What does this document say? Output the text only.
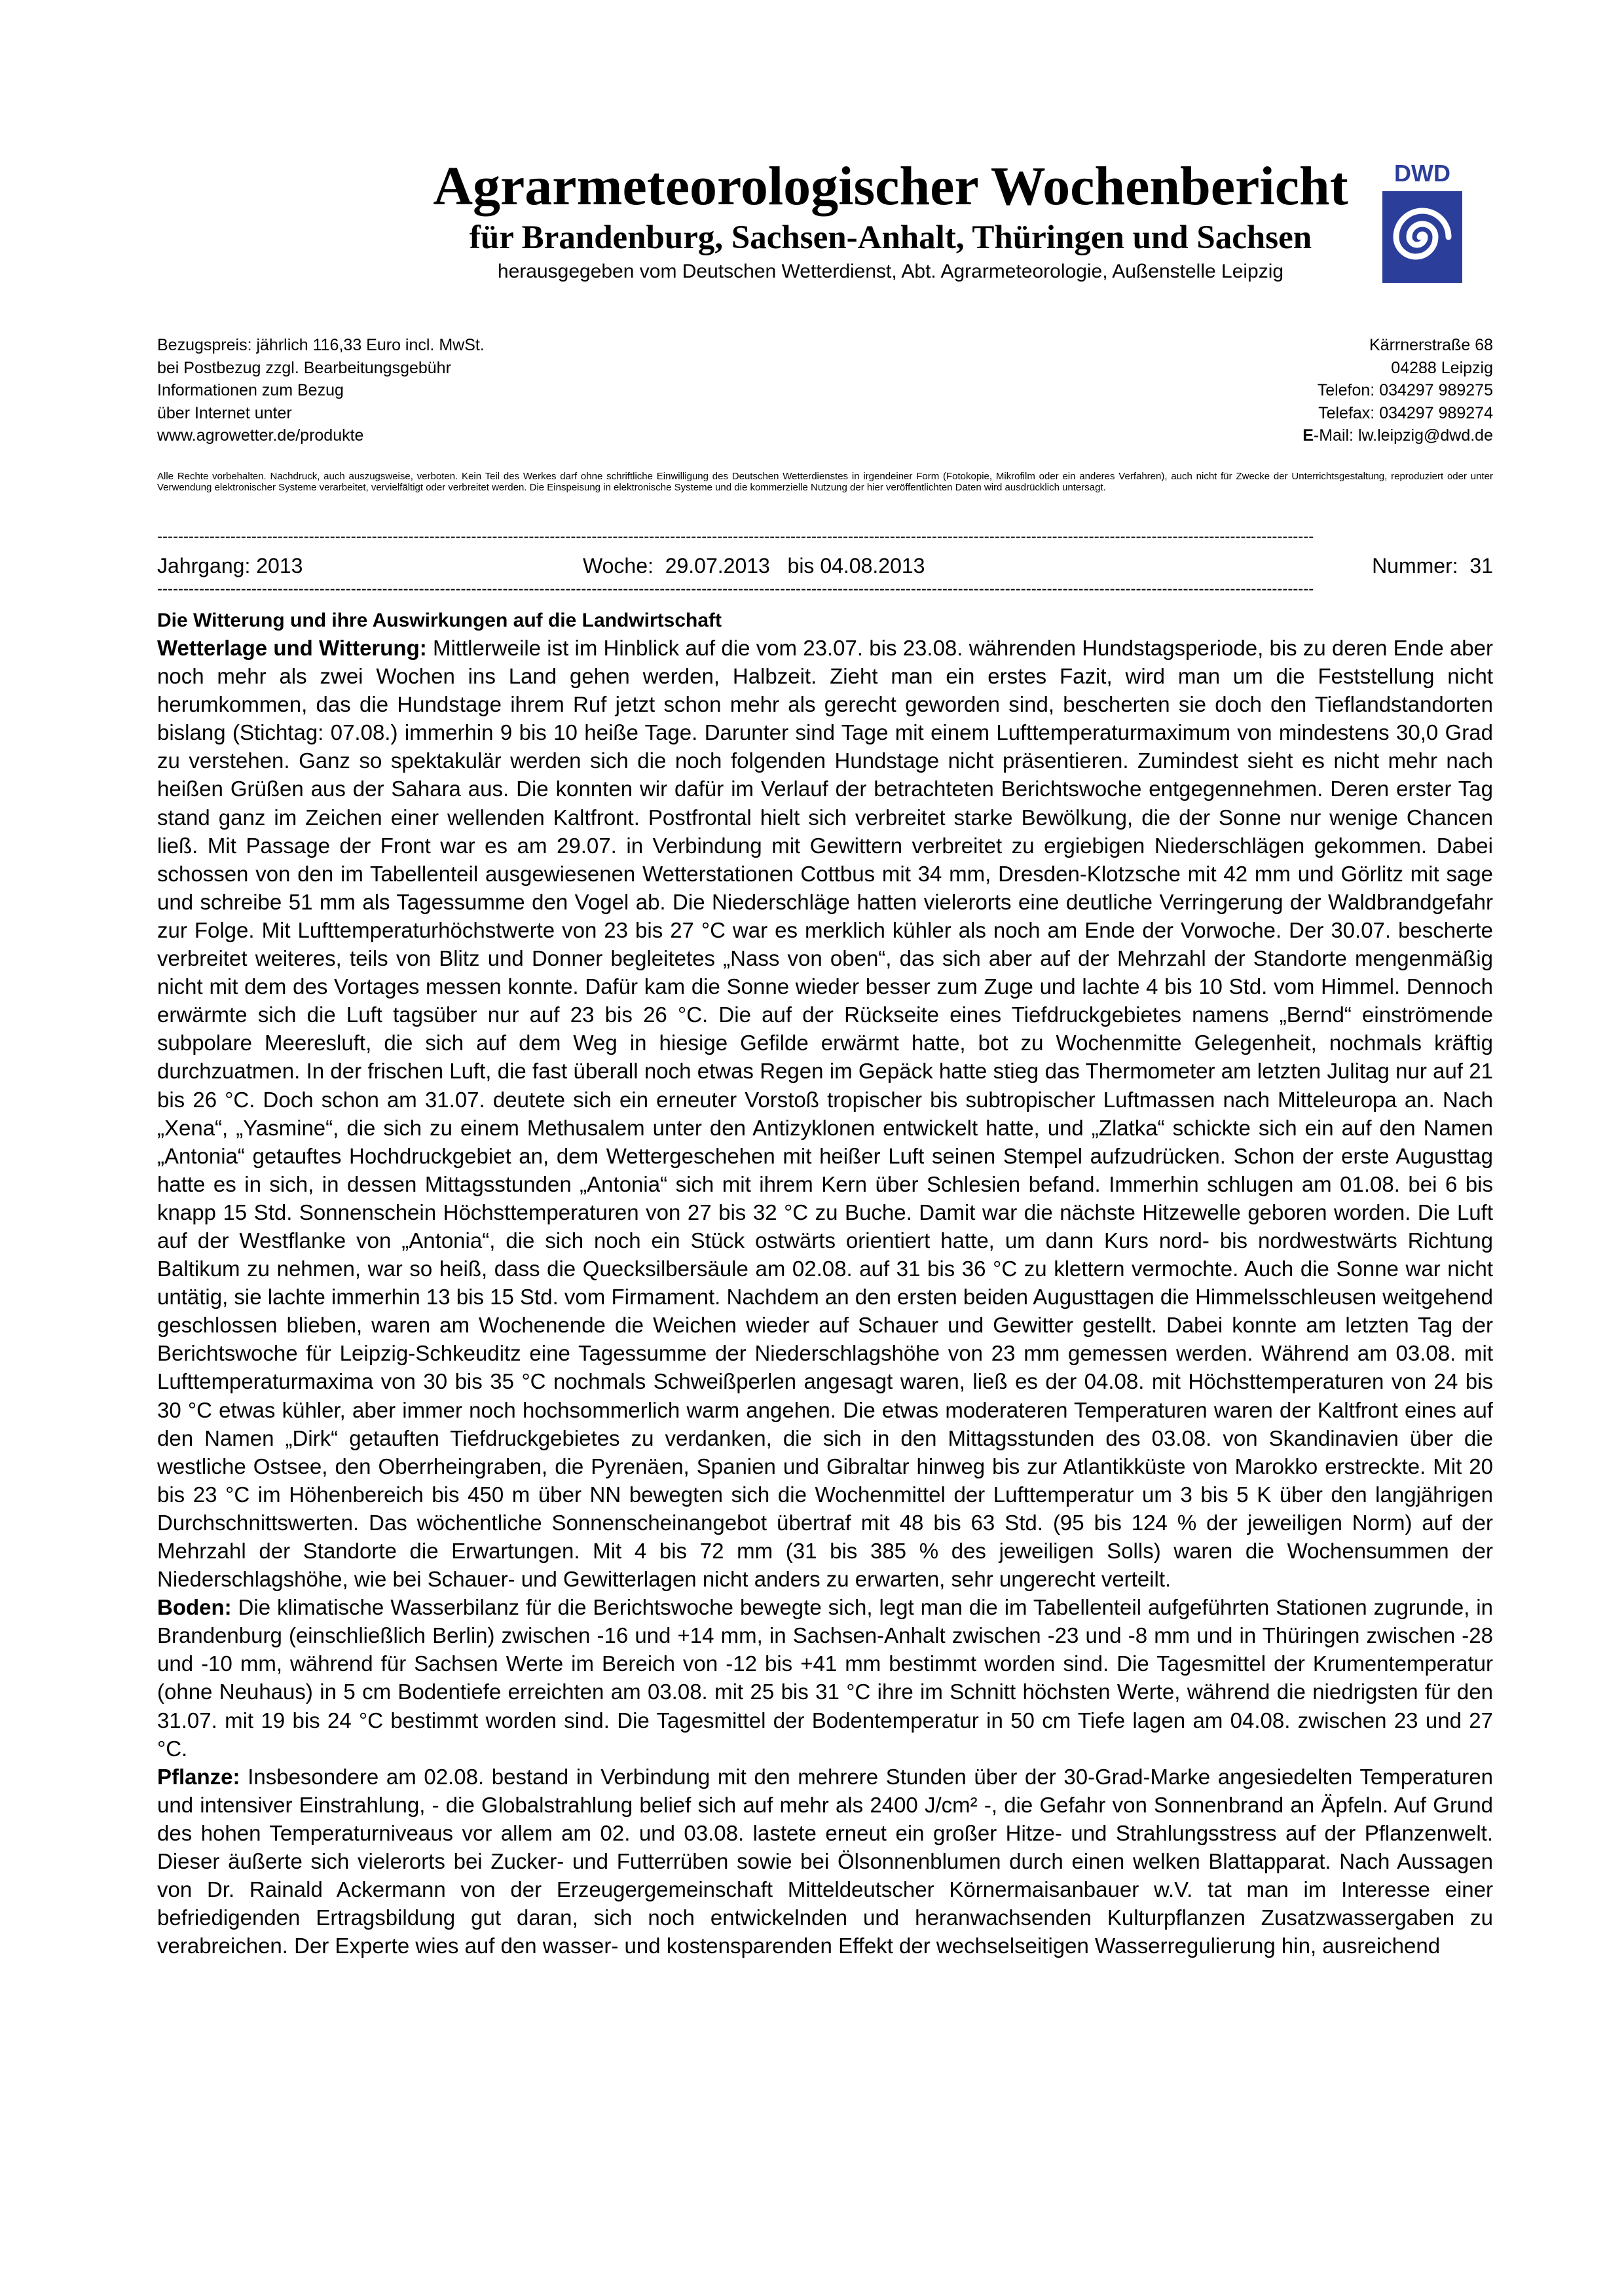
Agrarmeteorologischer Wochenbericht
für Brandenburg, Sachsen-Anhalt, Thüringen und Sachsen
herausgegeben vom Deutschen Wetterdienst, Abt. Agrarmeteorologie, Außenstelle Leipzig
DWD
Bezugspreis: jährlich 116,33 Euro incl. MwSt.
bei Postbezug zzgl. Bearbeitungsgebühr
Informationen zum Bezug
über Internet unter
www.agrowetter.de/produkte
Kärrnerstraße 68
04288 Leipzig
Telefon: 034297 989275
Telefax: 034297 989274
E-Mail: lw.leipzig@dwd.de
Alle Rechte vorbehalten. Nachdruck, auch auszugsweise, verboten. Kein Teil des Werkes darf ohne schriftliche Einwilligung des Deutschen Wetterdienstes in irgendeiner Form (Fotokopie, Mikrofilm oder ein anderes Verfahren), auch nicht für Zwecke der Unterrichtsgestaltung, reproduziert oder unter Verwendung elektronischer Systeme verarbeitet, vervielfältigt oder verbreitet werden. Die Einspeisung in elektronische Systeme und die kommerzielle Nutzung der hier veröffentlichten Daten wird ausdrücklich untersagt.
-----------------------------------------------------------------------------------------------------------------------------------------------------------------------------------------------------------------------------
Jahrgang: 2013	Woche:  29.07.2013   bis 04.08.2013	Nummer:  31
-----------------------------------------------------------------------------------------------------------------------------------------------------------------------------------------------------------------------------
Die Witterung und ihre Auswirkungen auf die Landwirtschaft

Wetterlage und Witterung: Mittlerweile ist im Hinblick auf die vom 23.07. bis 23.08. währenden Hundstagsperiode, bis zu deren Ende aber noch mehr als zwei Wochen ins Land gehen werden, Halbzeit. Zieht man ein erstes Fazit, wird man um die Feststellung nicht herumkommen, das die Hundstage ihrem Ruf jetzt schon mehr als gerecht geworden sind, bescherten sie doch den Tieflandstandorten bislang (Stichtag: 07.08.) immerhin 9 bis 10 heiße Tage. Darunter sind Tage mit einem Lufttemperaturmaximum von mindestens 30,0 Grad zu verstehen. Ganz so spektakulär werden sich die noch folgenden Hundstage nicht präsentieren. Zumindest sieht es nicht mehr nach heißen Grüßen aus der Sahara aus. Die konnten wir dafür im Verlauf der betrachteten Berichtswoche entgegennehmen. Deren erster Tag stand ganz im Zeichen einer wellenden Kaltfront. Postfrontal hielt sich verbreitet starke Bewölkung, die der Sonne nur wenige Chancen ließ. Mit Passage der Front war es am 29.07. in Verbindung mit Gewittern verbreitet zu ergiebigen Niederschlägen gekommen. Dabei schossen von den im Tabellenteil ausgewiesenen Wetterstationen Cottbus mit 34 mm, Dresden-Klotzsche mit 42 mm und Görlitz mit sage und schreibe 51 mm als Tagessumme den Vogel ab. Die Niederschläge hatten vielerorts eine deutliche Verringerung der Waldbrandgefahr zur Folge. Mit Lufttemperaturhöchstwerte von 23 bis 27 °C war es merklich kühler als noch am Ende der Vorwoche. Der 30.07. bescherte verbreitet weiteres, teils von Blitz und Donner begleitetes „Nass von oben“, das sich aber auf der Mehrzahl der Standorte mengenmäßig nicht mit dem des Vortages messen konnte. Dafür kam die Sonne wieder besser zum Zuge und lachte 4 bis 10 Std. vom Himmel. Dennoch erwärmte sich die Luft tagsüber nur auf 23 bis 26 °C. Die auf der Rückseite eines Tiefdruckgebietes namens „Bernd“ einströmende subpolare Meeresluft, die sich auf dem Weg in hiesige Gefilde erwärmt hatte, bot zu Wochenmitte Gelegenheit, nochmals kräftig durchzuatmen. In der frischen Luft, die fast überall noch etwas Regen im Gepäck hatte stieg das Thermometer am letzten Julitag nur auf 21 bis 26 °C. Doch schon am 31.07. deutete sich ein erneuter Vorstoß tropischer bis subtropischer Luftmassen nach Mitteleuropa an. Nach „Xena“, „Yasmine“, die sich zu einem Methusalem unter den Antizyklonen entwickelt hatte, und „Zlatka“ schickte sich ein auf den Namen „Antonia“ getauftes Hochdruckgebiet an, dem Wettergeschehen mit heißer Luft seinen Stempel aufzudrücken. Schon der erste Augusttag hatte es in sich, in dessen Mittagsstunden „Antonia“ sich mit ihrem Kern über Schlesien befand. Immerhin schlugen am 01.08. bei 6 bis knapp 15 Std. Sonnenschein Höchsttemperaturen von 27 bis 32 °C zu Buche. Damit war die nächste Hitzewelle geboren worden. Die Luft auf der Westflanke von „Antonia“, die sich noch ein Stück ostwärts orientiert hatte, um dann Kurs nord- bis nordwestwärts Richtung Baltikum zu nehmen, war so heiß, dass die Quecksilbersäule am 02.08. auf 31 bis 36 °C zu klettern vermochte. Auch die Sonne war nicht untätig, sie lachte immerhin 13 bis 15 Std. vom Firmament. Nachdem an den ersten beiden Augusttagen die Himmelsschleusen weitgehend geschlossen blieben, waren am Wochenende die Weichen wieder auf Schauer und Gewitter gestellt. Dabei konnte am letzten Tag der Berichtswoche für Leipzig-Schkeuditz eine Tagessumme der Niederschlagshöhe von 23 mm gemessen werden. Während am 03.08. mit Lufttemperaturmaxima von 30 bis 35 °C nochmals Schweißperlen angesagt waren, ließ es der 04.08. mit Höchsttemperaturen von 24 bis 30 °C etwas kühler, aber immer noch hochsommerlich warm angehen. Die etwas moderateren Temperaturen waren der Kaltfront eines auf den Namen „Dirk“ getauften Tiefdruckgebietes zu verdanken, die sich in den Mittagsstunden des 03.08. von Skandinavien über die westliche Ostsee, den Oberrheingraben, die Pyrenäen, Spanien und Gibraltar hinweg bis zur Atlantikküste von Marokko erstreckte. Mit 20 bis 23 °C im Höhenbereich bis 450 m über NN bewegten sich die Wochenmittel der Lufttemperatur um 3 bis 5 K über den langjährigen Durchschnittswerten. Das wöchentliche Sonnenscheinangebot übertraf mit 48 bis 63 Std. (95 bis 124 % der jeweiligen Norm) auf der Mehrzahl der Standorte die Erwartungen. Mit 4 bis 72 mm (31 bis 385 % des jeweiligen Solls) waren die Wochensummen der Niederschlagshöhe, wie bei Schauer- und Gewitterlagen nicht anders zu erwarten, sehr ungerecht verteilt.

Boden: Die klimatische Wasserbilanz für die Berichtswoche bewegte sich, legt man die im Tabellenteil aufgeführten Stationen zugrunde, in Brandenburg (einschließlich Berlin) zwischen -16 und +14 mm, in Sachsen-Anhalt zwischen -23 und -8 mm und in Thüringen zwischen -28 und -10 mm, während für Sachsen Werte im Bereich von -12 bis +41 mm bestimmt worden sind. Die Tagesmittel der Krumentemperatur (ohne Neuhaus) in 5 cm Bodentiefe erreichten am 03.08. mit 25 bis 31 °C ihre im Schnitt höchsten Werte, während die niedrigsten für den 31.07. mit 19 bis 24 °C bestimmt worden sind. Die Tagesmittel der Bodentemperatur in 50 cm Tiefe lagen am 04.08. zwischen 23 und 27 °C.

Pflanze: Insbesondere am 02.08. bestand in Verbindung mit den mehrere Stunden über der 30-Grad-Marke angesiedelten Temperaturen und intensiver Einstrahlung, - die Globalstrahlung belief sich auf mehr als 2400 J/cm² -, die Gefahr von Sonnenbrand an Äpfeln. Auf Grund des hohen Temperaturniveaus vor allem am 02. und 03.08. lastete erneut ein großer Hitze- und Strahlungsstress auf der Pflanzenwelt. Dieser äußerte sich vielerorts bei Zucker- und Futterrüben sowie bei Ölsonnenblumen durch einen welken Blattapparat. Nach Aussagen von Dr. Rainald Ackermann von der Erzeugergemeinschaft Mitteldeutscher Körnermaisanbauer w.V. tat man im Interesse einer befriedigenden Ertragsbildung gut daran, sich noch entwickelnden und heranwachsenden Kulturpflanzen Zusatzwassergaben zu verabreichen. Der Experte wies auf den wasser- und kostensparenden Effekt der wechselseitigen Wasserregulierung hin, ausreichend
